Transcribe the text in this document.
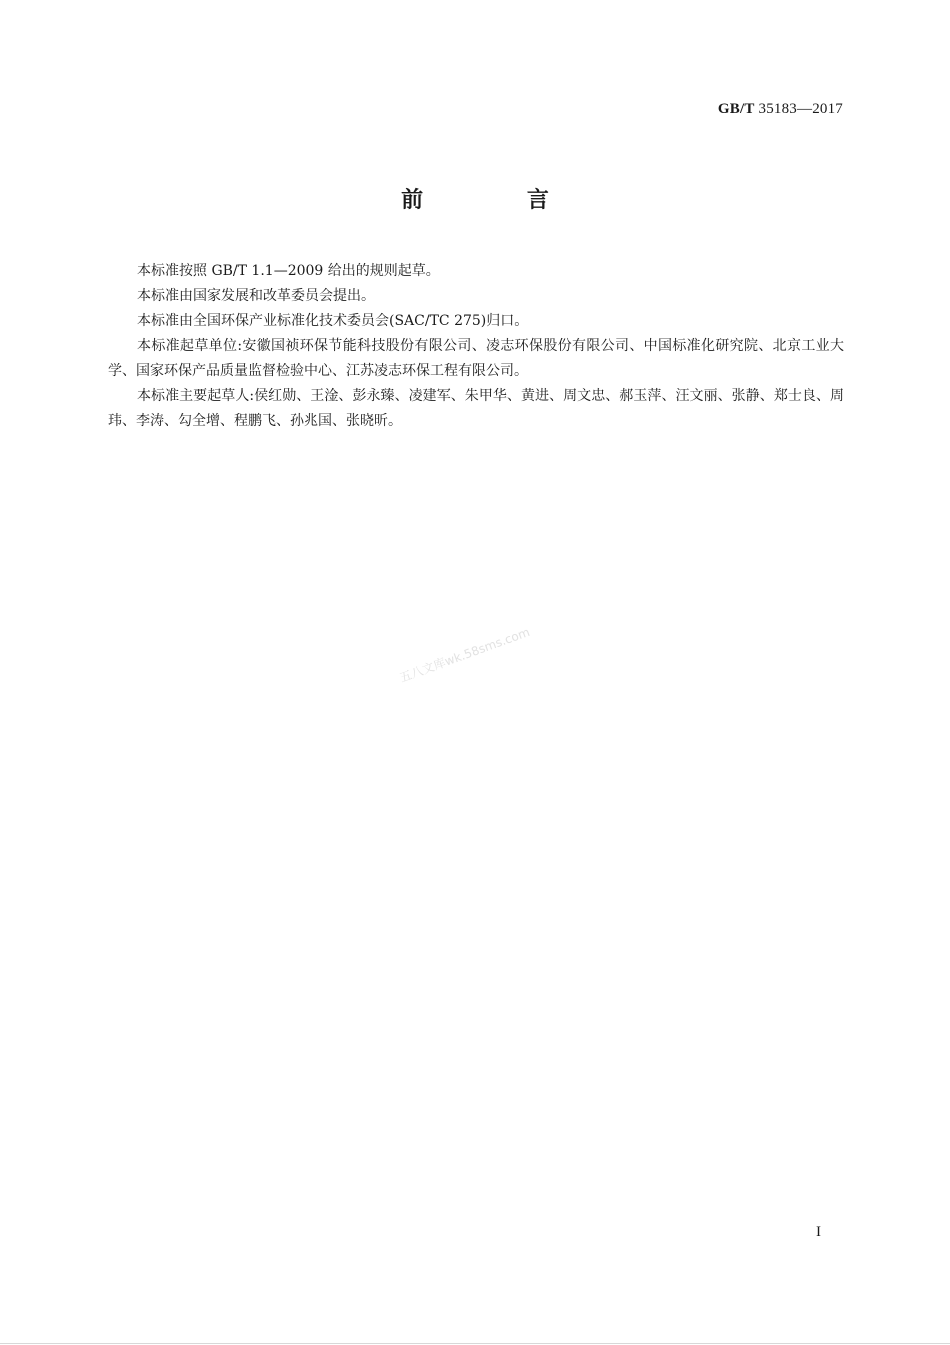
GB/T 35183—2017
前 言

本标准按照 GB/T 1.1—2009 给出的规则起草。

本标准由国家发展和改革委员会提出。

本标准由全国环保产业标准化技术委员会(SAC/TC 275)归口。

本标准起草单位:安徽国祯环保节能科技股份有限公司、凌志环保股份有限公司、中国标准化研究院、北京工业大学、国家环保产品质量监督检验中心、江苏凌志环保工程有限公司。

本标准主要起草人:侯红勋、王淦、彭永臻、凌建军、朱甲华、黄进、周文忠、郝玉萍、汪文丽、张静、郑士良、周玮、李涛、勾全增、程鹏飞、孙兆国、张晓昕。

五八文库wk.58sms.com
I
